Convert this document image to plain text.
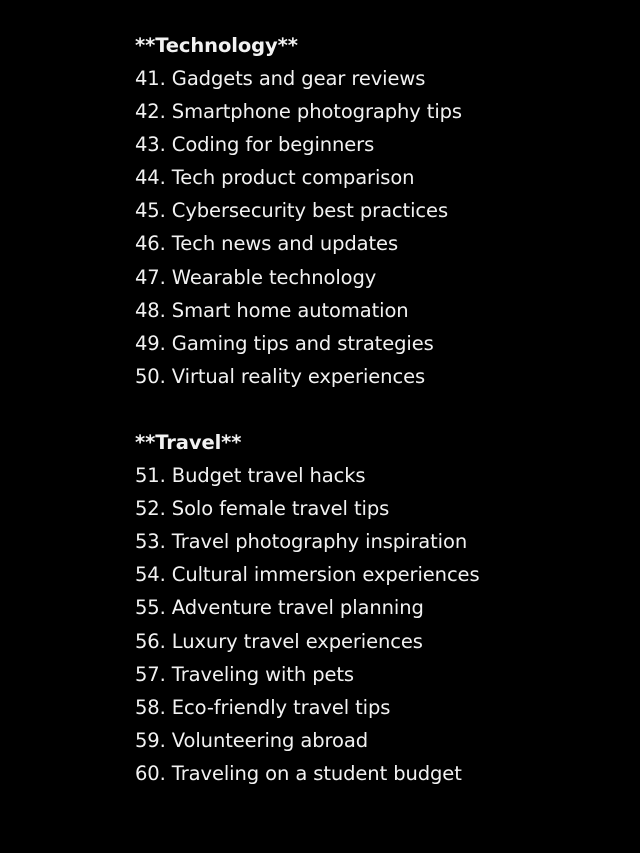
**Technology**
41. Gadgets and gear reviews
42. Smartphone photography tips
43. Coding for beginners
44. Tech product comparison
45. Cybersecurity best practices
46. Tech news and updates
47. Wearable technology
48. Smart home automation
49. Gaming tips and strategies
50. Virtual reality experiences
**Travel**
51. Budget travel hacks
52. Solo female travel tips
53. Travel photography inspiration
54. Cultural immersion experiences
55. Adventure travel planning
56. Luxury travel experiences
57. Traveling with pets
58. Eco-friendly travel tips
59. Volunteering abroad
60. Traveling on a student budget
